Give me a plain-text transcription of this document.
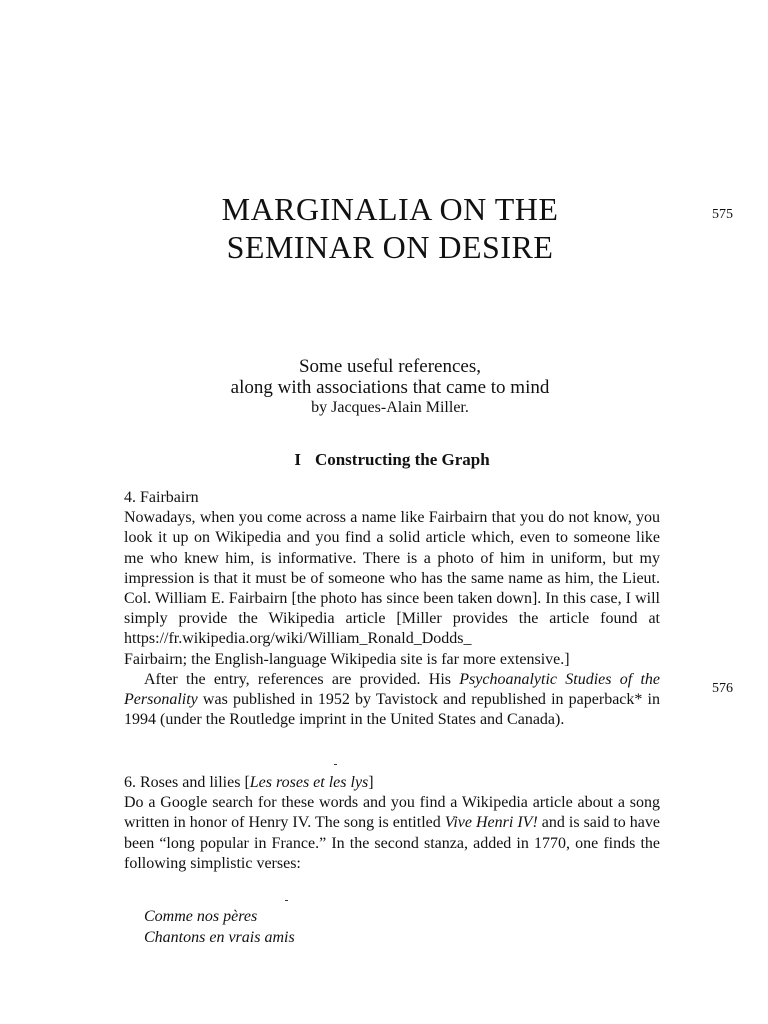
575
576
MARGINALIA ON THE
SEMINAR ON DESIRE
Some useful references,
along with associations that came to mind
by Jacques-Alain Miller.
I Constructing the Graph
4. Fairbairn

Nowadays, when you come across a name like Fairbairn that you do not know, you look it up on Wikipedia and you find a solid article which, even to someone like me who knew him, is informative. There is a photo of him in uniform, but my impression is that it must be of someone who has the same name as him, the Lieut. Col. William E. Fairbairn [the photo has since been taken down]. In this case, I will simply provide the Wikipedia article [Miller provides the article found at https://fr.wikipedia.org/wiki/William_Ronald_Dodds_

Fairbairn; the English-language Wikipedia site is far more extensive.]

After the entry, references are provided. His Psychoanalytic Studies of the Personality was published in 1952 by Tavistock and republished in paperback* in 1994 (under the Routledge imprint in the United States and Canada).

6. Roses and lilies [Les roses et les lys]

Do a Google search for these words and you find a Wikipedia article about a song written in honor of Henry IV. The song is entitled Vive Henri IV! and is said to have been “long popular in France.” In the second stanza, added in 1770, one finds the following simplistic verses:

Comme nos pères
Chantons en vrais amis
